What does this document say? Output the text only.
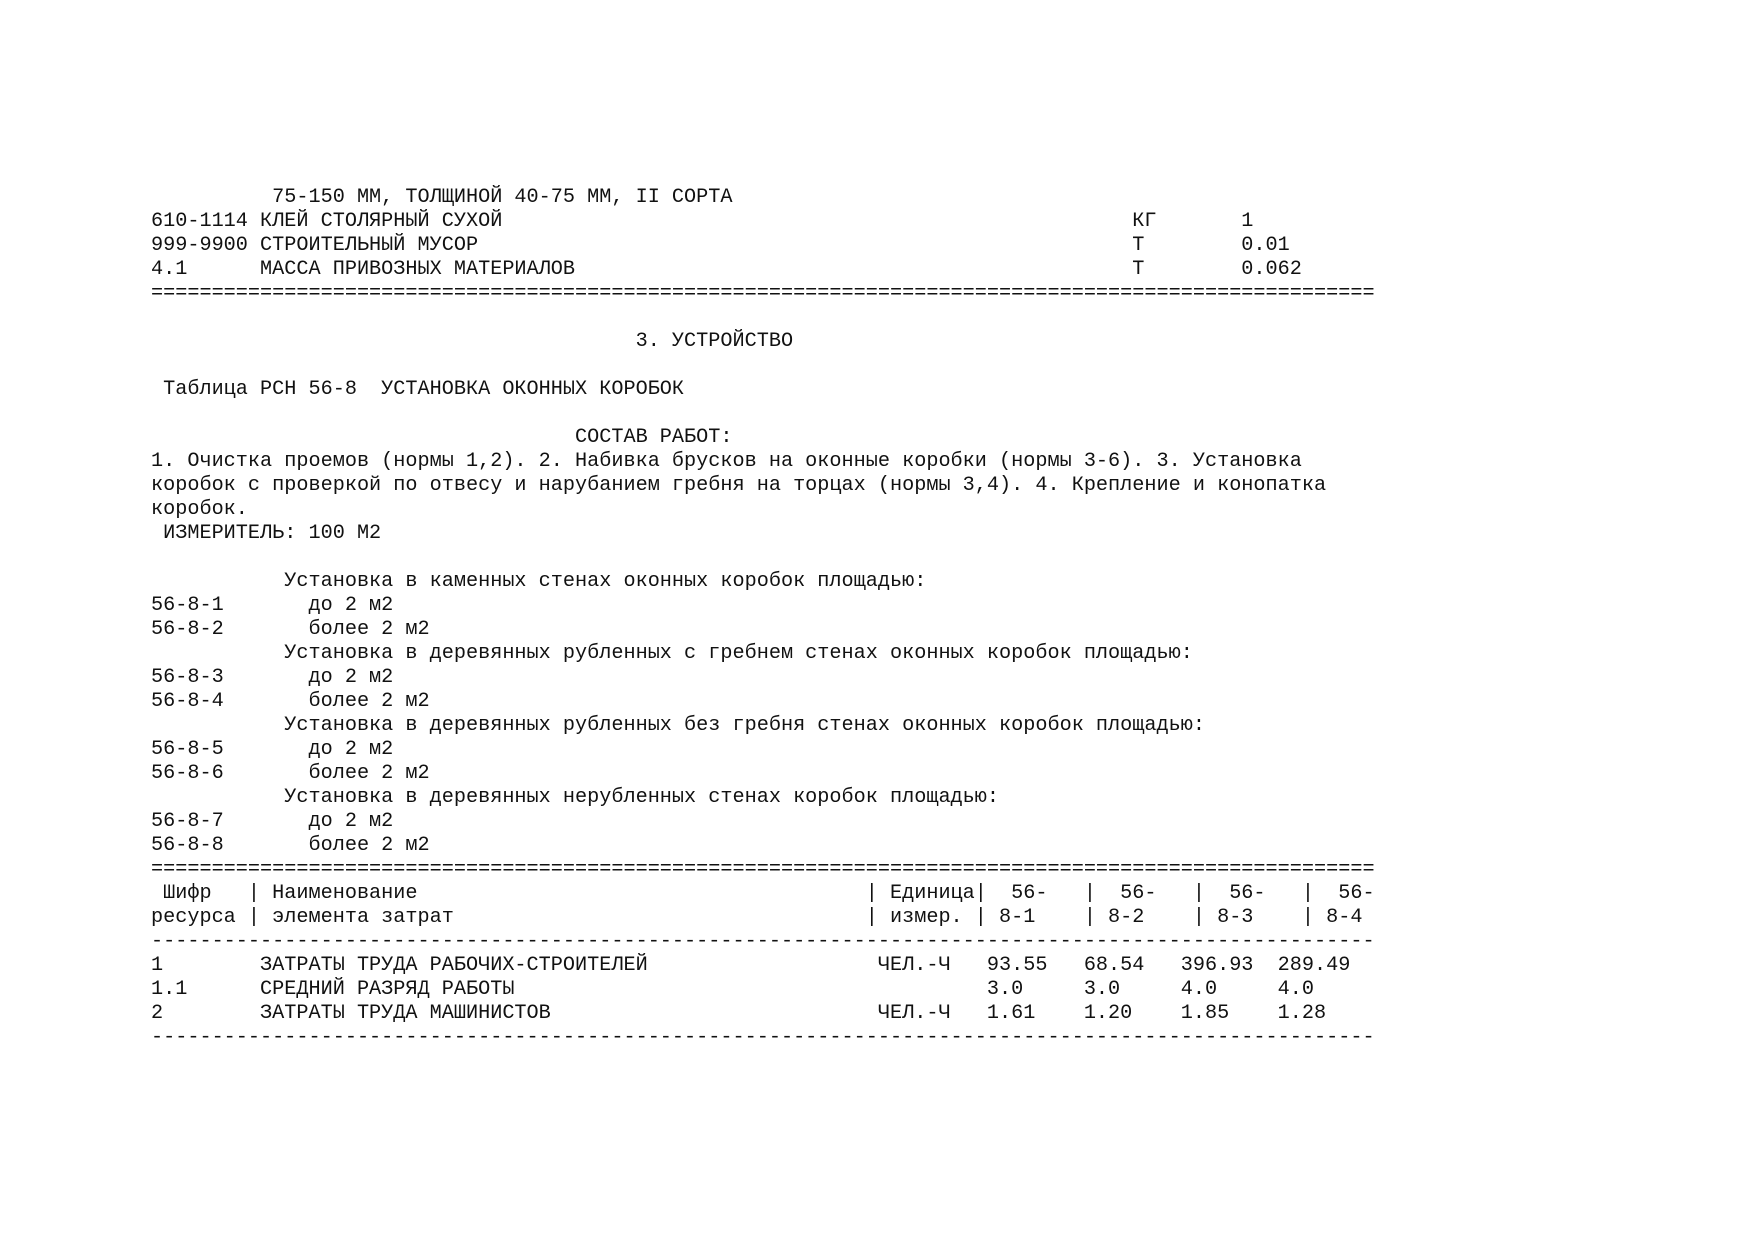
75-150 ММ, ТОЛЩИНОЙ 40-75 ММ, II СОРТА
610-1114 КЛЕЙ СТОЛЯРНЫЙ СУХОЙ                                                    КГ       1
999-9900 СТРОИТЕЛЬНЫЙ МУСОР                                                      Т        0.01
4.1      МАССА ПРИВОЗНЫХ МАТЕРИАЛОВ                                              Т        0.062
=====================================================================================================
3. УСТРОЙСТВО
Таблица РСН 56-8  УСТАНОВКА ОКОННЫХ КОРОБОК
СОСТАВ РАБОТ:
1. Очистка проемов (нормы 1,2). 2. Набивка брусков на оконные коробки (нормы 3-6). 3. Установка
коробок с проверкой по отвесу и нарубанием гребня на торцах (нормы 3,4). 4. Крепление и конопатка
коробок.
ИЗМЕРИТЕЛЬ: 100 М2
Установка в каменных стенах оконных коробок площадью:
56-8-1       до 2 м2
56-8-2       более 2 м2
Установка в деревянных рубленных с гребнем стенах оконных коробок площадью:
56-8-3       до 2 м2
56-8-4       более 2 м2
Установка в деревянных рубленных без гребня стенах оконных коробок площадью:
56-8-5       до 2 м2
56-8-6       более 2 м2
Установка в деревянных нерубленных стенах коробок площадью:
56-8-7       до 2 м2
56-8-8       более 2 м2
=====================================================================================================
Шифр   | Наименование                                     | Единица|  56-   |  56-   |  56-   |  56-
ресурса | элемента затрат                                  | измер. | 8-1    | 8-2    | 8-3    | 8-4
-----------------------------------------------------------------------------------------------------
1        ЗАТРАТЫ ТРУДА РАБОЧИХ-СТРОИТЕЛЕЙ                   ЧЕЛ.-Ч   93.55   68.54   396.93  289.49
1.1      СРЕДНИЙ РАЗРЯД РАБОТЫ                                       3.0     3.0     4.0     4.0
2        ЗАТРАТЫ ТРУДА МАШИНИСТОВ                           ЧЕЛ.-Ч   1.61    1.20    1.85    1.28
-----------------------------------------------------------------------------------------------------
